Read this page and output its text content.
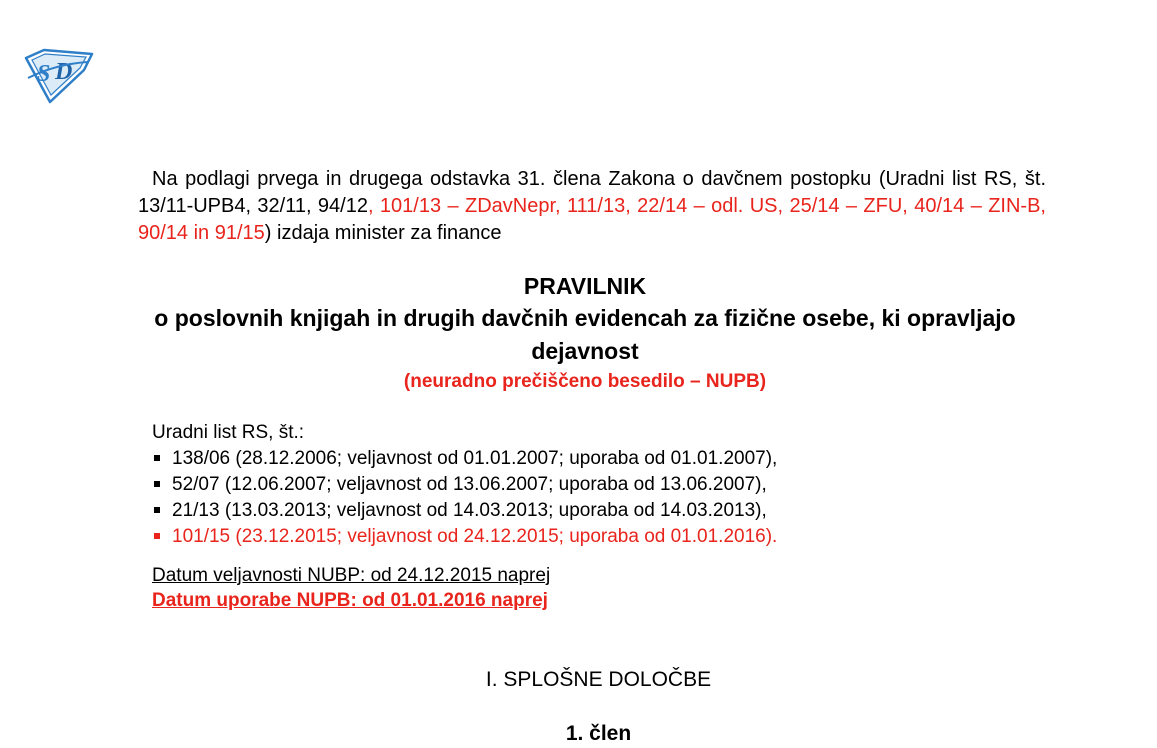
S D
Na podlagi prvega in drugega odstavka 31. člena Zakona o davčnem postopku (Uradni list RS, št. 13/11-UPB4, 32/11, 94/12, 101/13 – ZDavNepr, 111/13, 22/14 – odl. US, 25/14 – ZFU, 40/14 – ZIN-B, 90/14 in 91/15) izdaja minister za finance
PRAVILNIK
o poslovnih knjigah in drugih davčnih evidencah za fizične osebe, ki opravljajo dejavnost
(neuradno prečiščeno besedilo – NUPB)
Uradni list RS, št.:
138/06 (28.12.2006; veljavnost od 01.01.2007; uporaba od 01.01.2007),
52/07 (12.06.2007; veljavnost od 13.06.2007; uporaba od 13.06.2007),
21/13 (13.03.2013; veljavnost od 14.03.2013; uporaba od 14.03.2013),
101/15 (23.12.2015; veljavnost od 24.12.2015; uporaba od 01.01.2016).
Datum veljavnosti NUBP: od 24.12.2015 naprej
Datum uporabe NUPB: od 01.01.2016 naprej
I. SPLOŠNE DOLOČBE
1. člen
